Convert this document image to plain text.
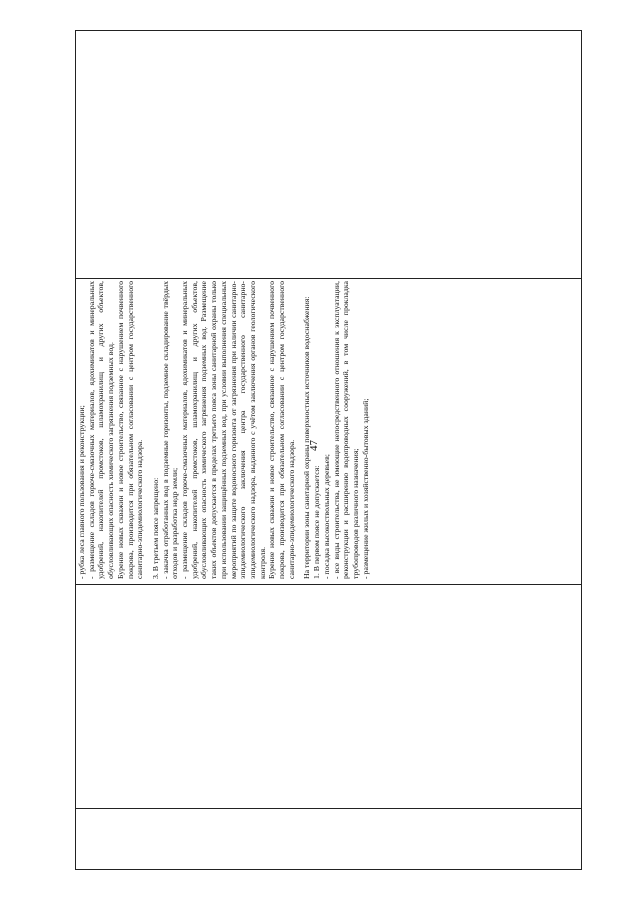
47

- рубка леса главного пользования и реконструкции; - размещение складов горюче-смазочных материалов, ядохимикатов и минеральных удобрений, накопителей промстоков, шламохранилищ и других объектов, обусловливающих опасность химического загрязнения подземных вод. Бурение новых скважин и новое строительство, связанное с нарушением почвенного покрова, производится при обязательном согласовании с центром государственного санитарно-эпидемиологического надзора. 3. В третьем поясе запрещено: - закачка отработанных вод в подземные горизонты, подземное складирование твёрдых отходов и разработка недр земли; - размещение складов горюче-смазочных материалов, ядохимикатов и минеральных удобрений, накопителей промстоков, шламохранилищ и других объектов, обусловливающих опасность химического загрязнения подземных вод. Размещение таких объектов допускается в пределах третьего пояса зоны санитарной охраны только при использовании защищённых подземных вод, при условии выполнения специальных мероприятий по защите водоносного горизонта от загрязнения при наличии санитарно-эпидемиологического заключения центра государственного санитарно-эпидемиологического надзора, выданного с учётом заключения органов геологического контроля. Бурение новых скважин и новое строительство, связанное с нарушением почвенного покрова, производится при обязательном согласовании с центром государственного санитарно-эпидемиологического надзора. На территории зоны санитарной охраны поверхностных источников водоснабжения: 1. В первом поясе не допускается: - посадка высокоствольных деревьев; - все виды строительства, не имеющие непосредственного отношения к эксплуатации, реконструкции и расширению водопроводных сооружений, в том числе прокладка трубопроводов различного назначения; - размещение жилых и хозяйственно-бытовых зданий;
